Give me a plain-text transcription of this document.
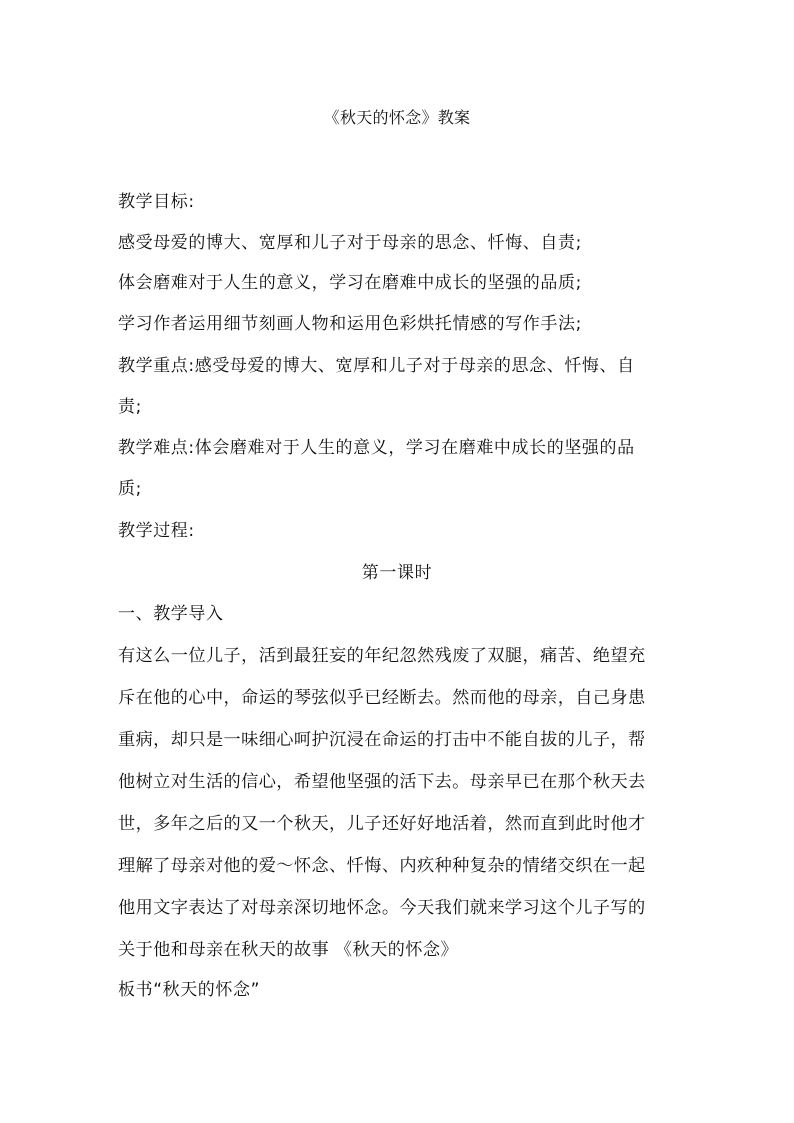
《秋天的怀念》教案
教学目标:
感受母爱的博大、宽厚和儿子对于母亲的思念、忏悔、自责;
体会磨难对于人生的意义，学习在磨难中成长的坚强的品质;
学习作者运用细节刻画人物和运用色彩烘托情感的写作手法;
教学重点:感受母爱的博大、宽厚和儿子对于母亲的思念、忏悔、自
责;
教学难点:体会磨难对于人生的意义，学习在磨难中成长的坚强的品
质;
教学过程:
第一课时
一、教学导入
有这么一位儿子，活到最狂妄的年纪忽然残废了双腿，痛苦、绝望充
斥在他的心中，命运的琴弦似乎已经断去。然而他的母亲，自己身患
重病，却只是一味细心呵护沉浸在命运的打击中不能自拔的儿子，帮
他树立对生活的信心，希望他坚强的活下去。母亲早已在那个秋天去
世，多年之后的又一个秋天，儿子还好好地活着，然而直到此时他才
理解了母亲对他的爱～怀念、忏悔、内疚种种复杂的情绪交织在一起
他用文字表达了对母亲深切地怀念。今天我们就来学习这个儿子写的
关于他和母亲在秋天的故事 《秋天的怀念》
板书“秋天的怀念”
